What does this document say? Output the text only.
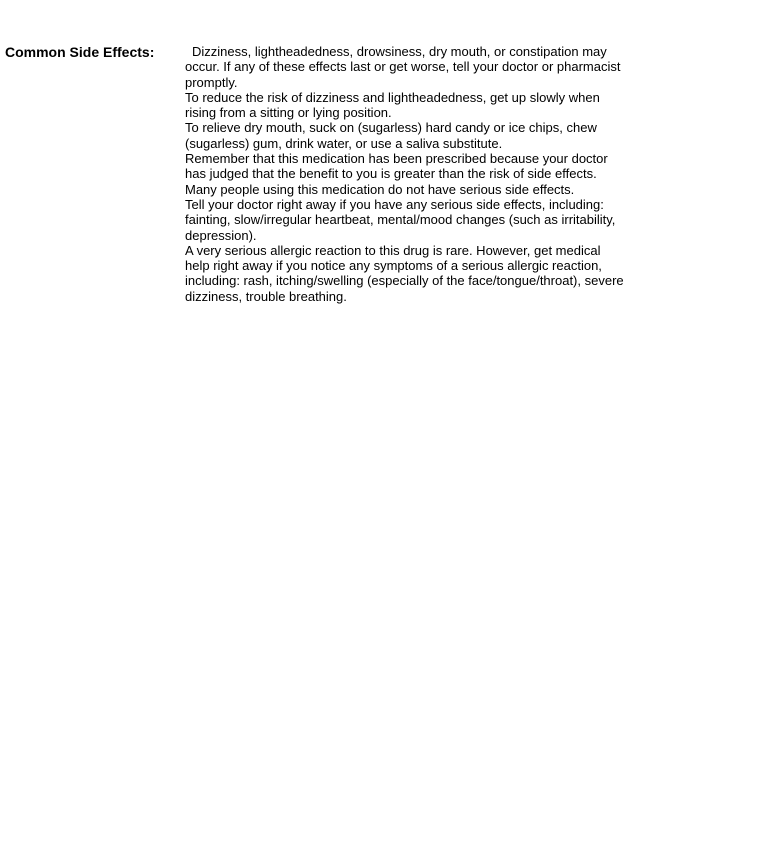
Common Side Effects:	Dizziness, lightheadedness, drowsiness, dry mouth, or constipation may occur. If any of these effects last or get worse, tell your doctor or pharmacist promptly.

To reduce the risk of dizziness and lightheadedness, get up slowly when rising from a sitting or lying position.

To relieve dry mouth, suck on (sugarless) hard candy or ice chips, chew (sugarless) gum, drink water, or use a saliva substitute.

Remember that this medication has been prescribed because your doctor has judged that the benefit to you is greater than the risk of side effects. Many people using this medication do not have serious side effects.

Tell your doctor right away if you have any serious side effects, including: fainting, slow/irregular heartbeat, mental/mood changes (such as irritability, depression).

A very serious allergic reaction to this drug is rare. However, get medical help right away if you notice any symptoms of a serious allergic reaction, including: rash, itching/swelling (especially of the face/tongue/throat), severe dizziness, trouble breathing.
